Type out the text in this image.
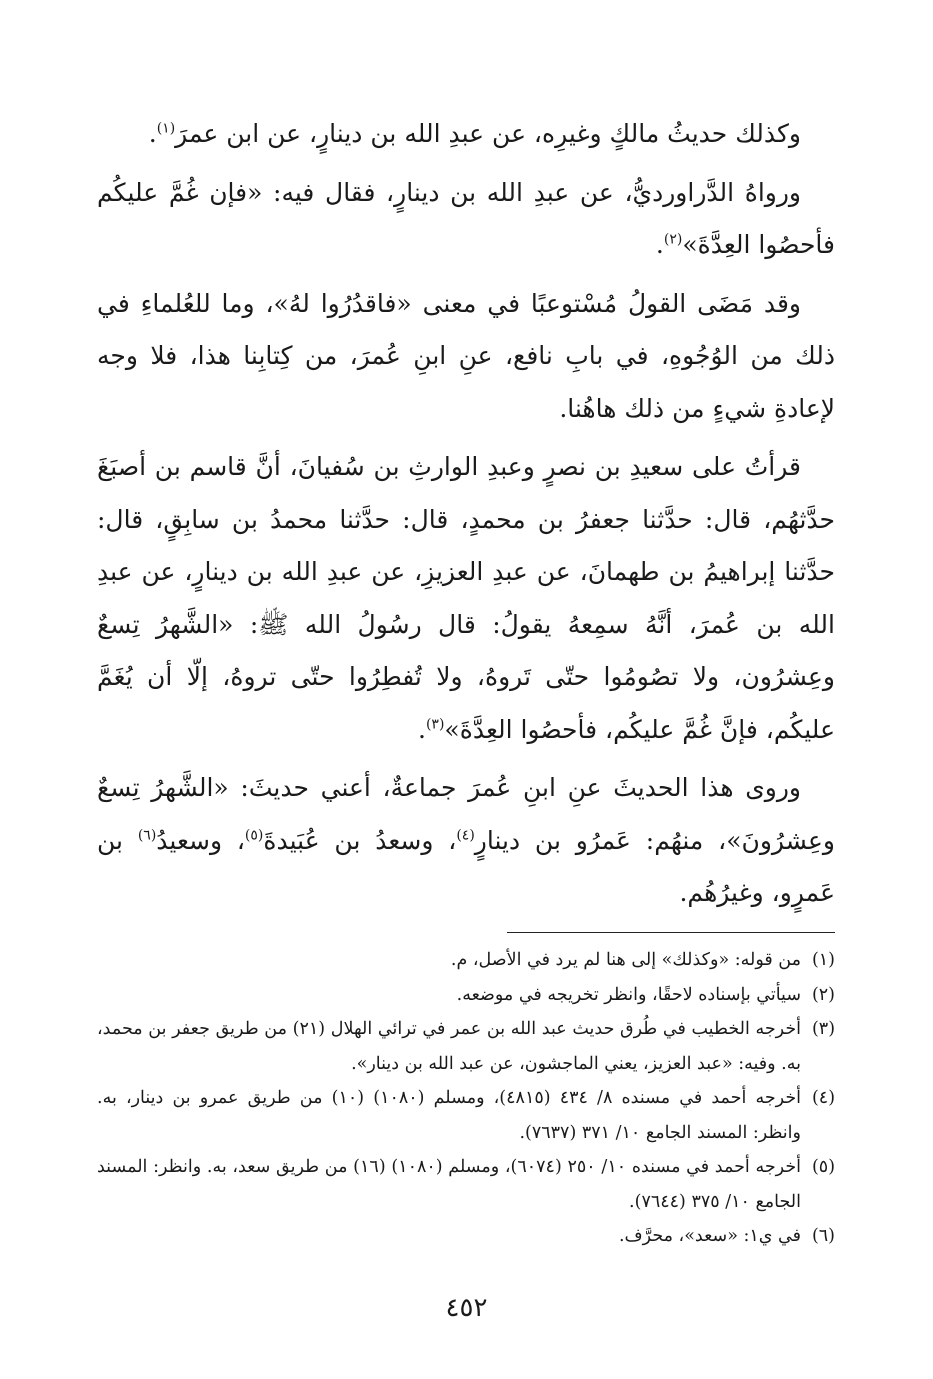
وكذلك حديثُ مالكٍ وغيرِه، عن عبدِ الله بن دينارٍ، عن ابن عمرَ$^{(١)}$.

ورواهُ الدَّراورديُّ، عن عبدِ الله بن دينارٍ، فقال فيه: «فإن غُمَّ عليكُم فأحصُوا العِدَّةَ»$^{(٢)}$.

وقد مَضَى القولُ مُسْتوعبًا في معنى «فاقدُرُوا لهُ»، وما للعُلماءِ في ذلك من الوُجُوهِ، في بابِ نافع، عنِ ابنِ عُمرَ، من كِتابِنا هذا، فلا وجه لإعادةِ شيءٍ من ذلك هاهُنا.

قرأتُ على سعيدِ بن نصرٍ وعبدِ الوارثِ بن سُفيانَ، أنَّ قاسم بن أصبَغَ حدَّثهُم، قال: حدَّثنا جعفرُ بن محمدٍ، قال: حدَّثنا محمدُ بن سابِقٍ، قال: حدَّثنا إبراهيمُ بن طهمانَ، عن عبدِ العزيزِ، عن عبدِ الله بن دينارٍ، عن عبدِ الله بن عُمرَ، أنَّهُ سمِعهُ يقولُ: قال رسُولُ الله ﷺ: «الشَّهرُ تِسعٌ وعِشرُون، ولا تصُومُوا حتّى تَروهُ، ولا تُفطِرُوا حتّى تروهُ، إلّا أن يُغَمَّ عليكُم، فإنَّ غُمَّ عليكُم، فأحصُوا العِدَّةَ»$^{(٣)}$.

وروى هذا الحديثَ عنِ ابنِ عُمرَ جماعةٌ، أعني حديثَ: «الشَّهرُ تِسعٌ وعِشرُونَ»، منهُم: عَمرُو بن دينارٍ$^{(٤)}$، وسعدُ بن عُبَيدةَ$^{(٥)}$، وسعيدُ$^{(٦)}$ بن عَمرٍو، وغيرُهُم.

(١)من قوله: «وكذلك» إلى هنا لم يرد في الأصل، م.

(٢)سيأتي بإسناده لاحقًا، وانظر تخريجه في موضعه.

(٣)أخرجه الخطيب في طُرق حديث عبد الله بن عمر في ترائي الهلال (٢١) من طريق جعفر بن محمد، به. وفيه: «عبد العزيز، يعني الماجشون، عن عبد الله بن دينار».

(٤)أخرجه أحمد في مسنده ٨/ ٤٣٤ (٤٨١٥)، ومسلم (١٠٨٠) (١٠) من طريق عمرو بن دينار، به. وانظر: المسند الجامع ١٠/ ٣٧١ (٧٦٣٧).

(٥)أخرجه أحمد في مسنده ١٠/ ٢٥٠ (٦٠٧٤)، ومسلم (١٠٨٠) (١٦) من طريق سعد، به. وانظر: المسند الجامع ١٠/ ٣٧٥ (٧٦٤٤).

(٦)في ي١: «سعد»، محرَّف.

٤٥٢
